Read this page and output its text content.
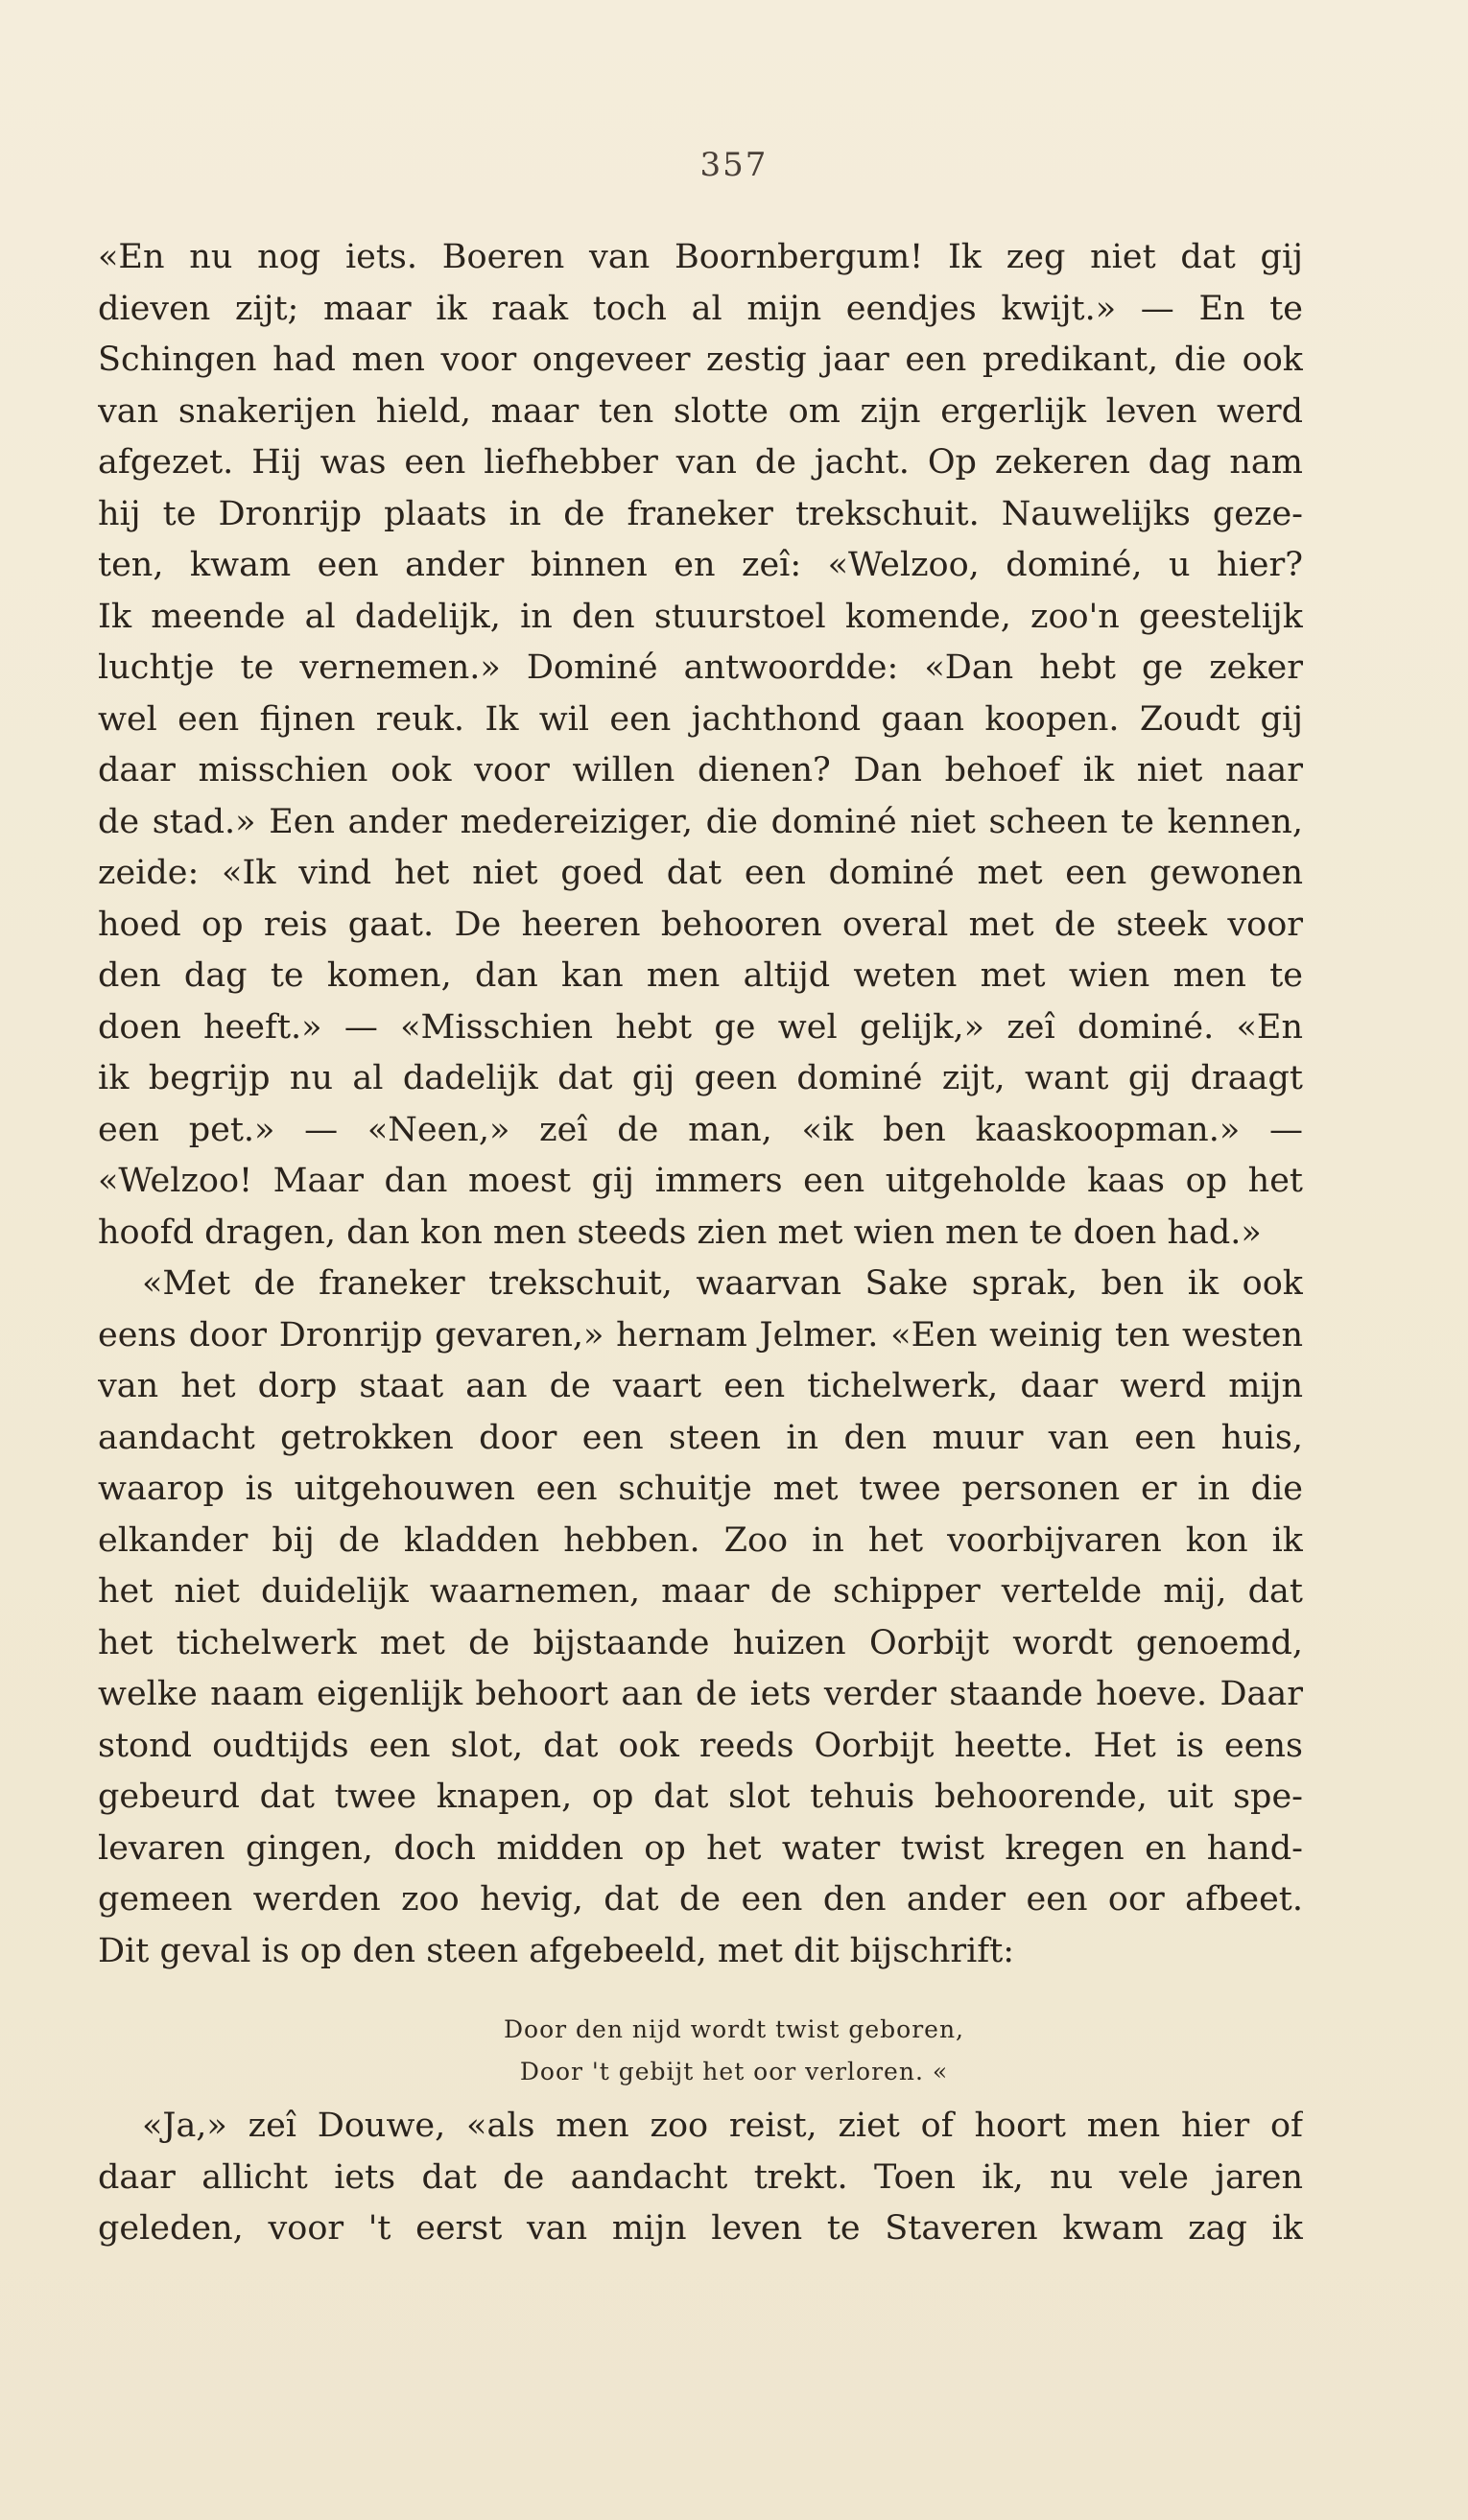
357
«En nu nog iets. Boeren van Boornbergum! Ik zeg niet dat gij
dieven zijt; maar ik raak toch al mijn eendjes kwijt.» — En te
Schingen had men voor ongeveer zestig jaar een predikant, die ook
van snakerijen hield, maar ten slotte om zijn ergerlijk leven werd
afgezet. Hij was een liefhebber van de jacht. Op zekeren dag nam
hij te Dronrijp plaats in de franeker trekschuit. Nauwelijks geze-
ten, kwam een ander binnen en zeî: «Welzoo, dominé, u hier?
Ik meende al dadelijk, in den stuurstoel komende, zoo'n geestelijk
luchtje te vernemen.» Dominé antwoordde: «Dan hebt ge zeker
wel een fijnen reuk. Ik wil een jachthond gaan koopen. Zoudt gij
daar misschien ook voor willen dienen? Dan behoef ik niet naar
de stad.» Een ander medereiziger, die dominé niet scheen te kennen,
zeide: «Ik vind het niet goed dat een dominé met een gewonen
hoed op reis gaat. De heeren behooren overal met de steek voor
den dag te komen, dan kan men altijd weten met wien men te
doen heeft.» — «Misschien hebt ge wel gelijk,» zeî dominé. «En
ik begrijp nu al dadelijk dat gij geen dominé zijt, want gij draagt
een pet.» — «Neen,» zeî de man, «ik ben kaaskoopman.» —
«Welzoo! Maar dan moest gij immers een uitgeholde kaas op het
hoofd dragen, dan kon men steeds zien met wien men te doen had.»
«Met de franeker trekschuit, waarvan Sake sprak, ben ik ook
eens door Dronrijp gevaren,» hernam Jelmer. «Een weinig ten westen
van het dorp staat aan de vaart een tichelwerk, daar werd mijn
aandacht getrokken door een steen in den muur van een huis,
waarop is uitgehouwen een schuitje met twee personen er in die
elkander bij de kladden hebben. Zoo in het voorbijvaren kon ik
het niet duidelijk waarnemen, maar de schipper vertelde mij, dat
het tichelwerk met de bijstaande huizen Oorbijt wordt genoemd,
welke naam eigenlijk behoort aan de iets verder staande hoeve. Daar
stond oudtijds een slot, dat ook reeds Oorbijt heette. Het is eens
gebeurd dat twee knapen, op dat slot tehuis behoorende, uit spe-
levaren gingen, doch midden op het water twist kregen en hand-
gemeen werden zoo hevig, dat de een den ander een oor afbeet.
Dit geval is op den steen afgebeeld, met dit bijschrift:
Door den nijd wordt twist geboren,
Door 't gebijt het oor verloren. «
«Ja,» zeî Douwe, «als men zoo reist, ziet of hoort men hier of
daar allicht iets dat de aandacht trekt. Toen ik, nu vele jaren
geleden, voor 't eerst van mijn leven te Staveren kwam zag ik
